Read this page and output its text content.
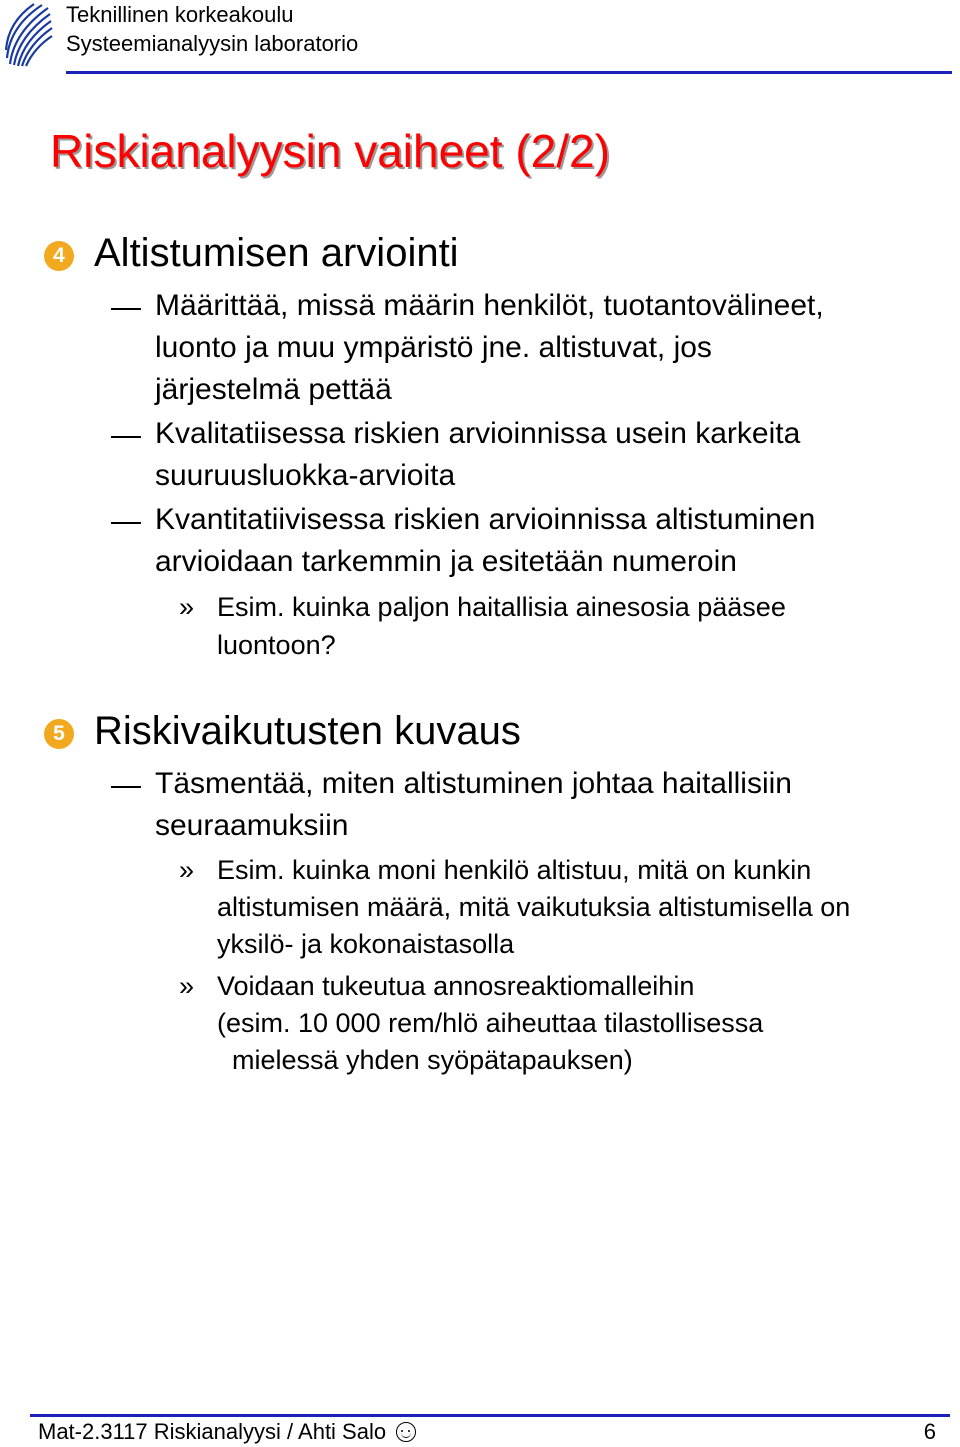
Teknillinen korkeakoulu
Systeemianalyysin laboratorio
Riskianalyysin vaiheet (2/2)
4 Altistumisen arviointi
Määrittää, missä määrin henkilöt, tuotantovälineet,
luonto ja muu ympäristö jne. altistuvat, jos
järjestelmä pettää
Kvalitatiisessa riskien arvioinnissa usein karkeita
suuruusluokka-arvioita
Kvantitatiivisessa riskien arvioinnissa altistuminen
arvioidaan tarkemmin ja esitetään numeroin
» Esim. kuinka paljon haitallisia ainesosia pääsee
luontoon?
5 Riskivaikutusten kuvaus
Täsmentää, miten altistuminen johtaa haitallisiin
seuraamuksiin
» Esim. kuinka moni henkilö altistuu, mitä on kunkin
altistumisen määrä, mitä vaikutuksia altistumisella on
yksilö- ja kokonaistasolla
» Voidaan tukeutua annosreaktiomalleihin
(esim. 10 000 rem/hlö aiheuttaa tilastollisessa
mielessä yhden syöpätapauksen)
Mat-2.3117 Riskianalyysi / Ahti Salo	6
